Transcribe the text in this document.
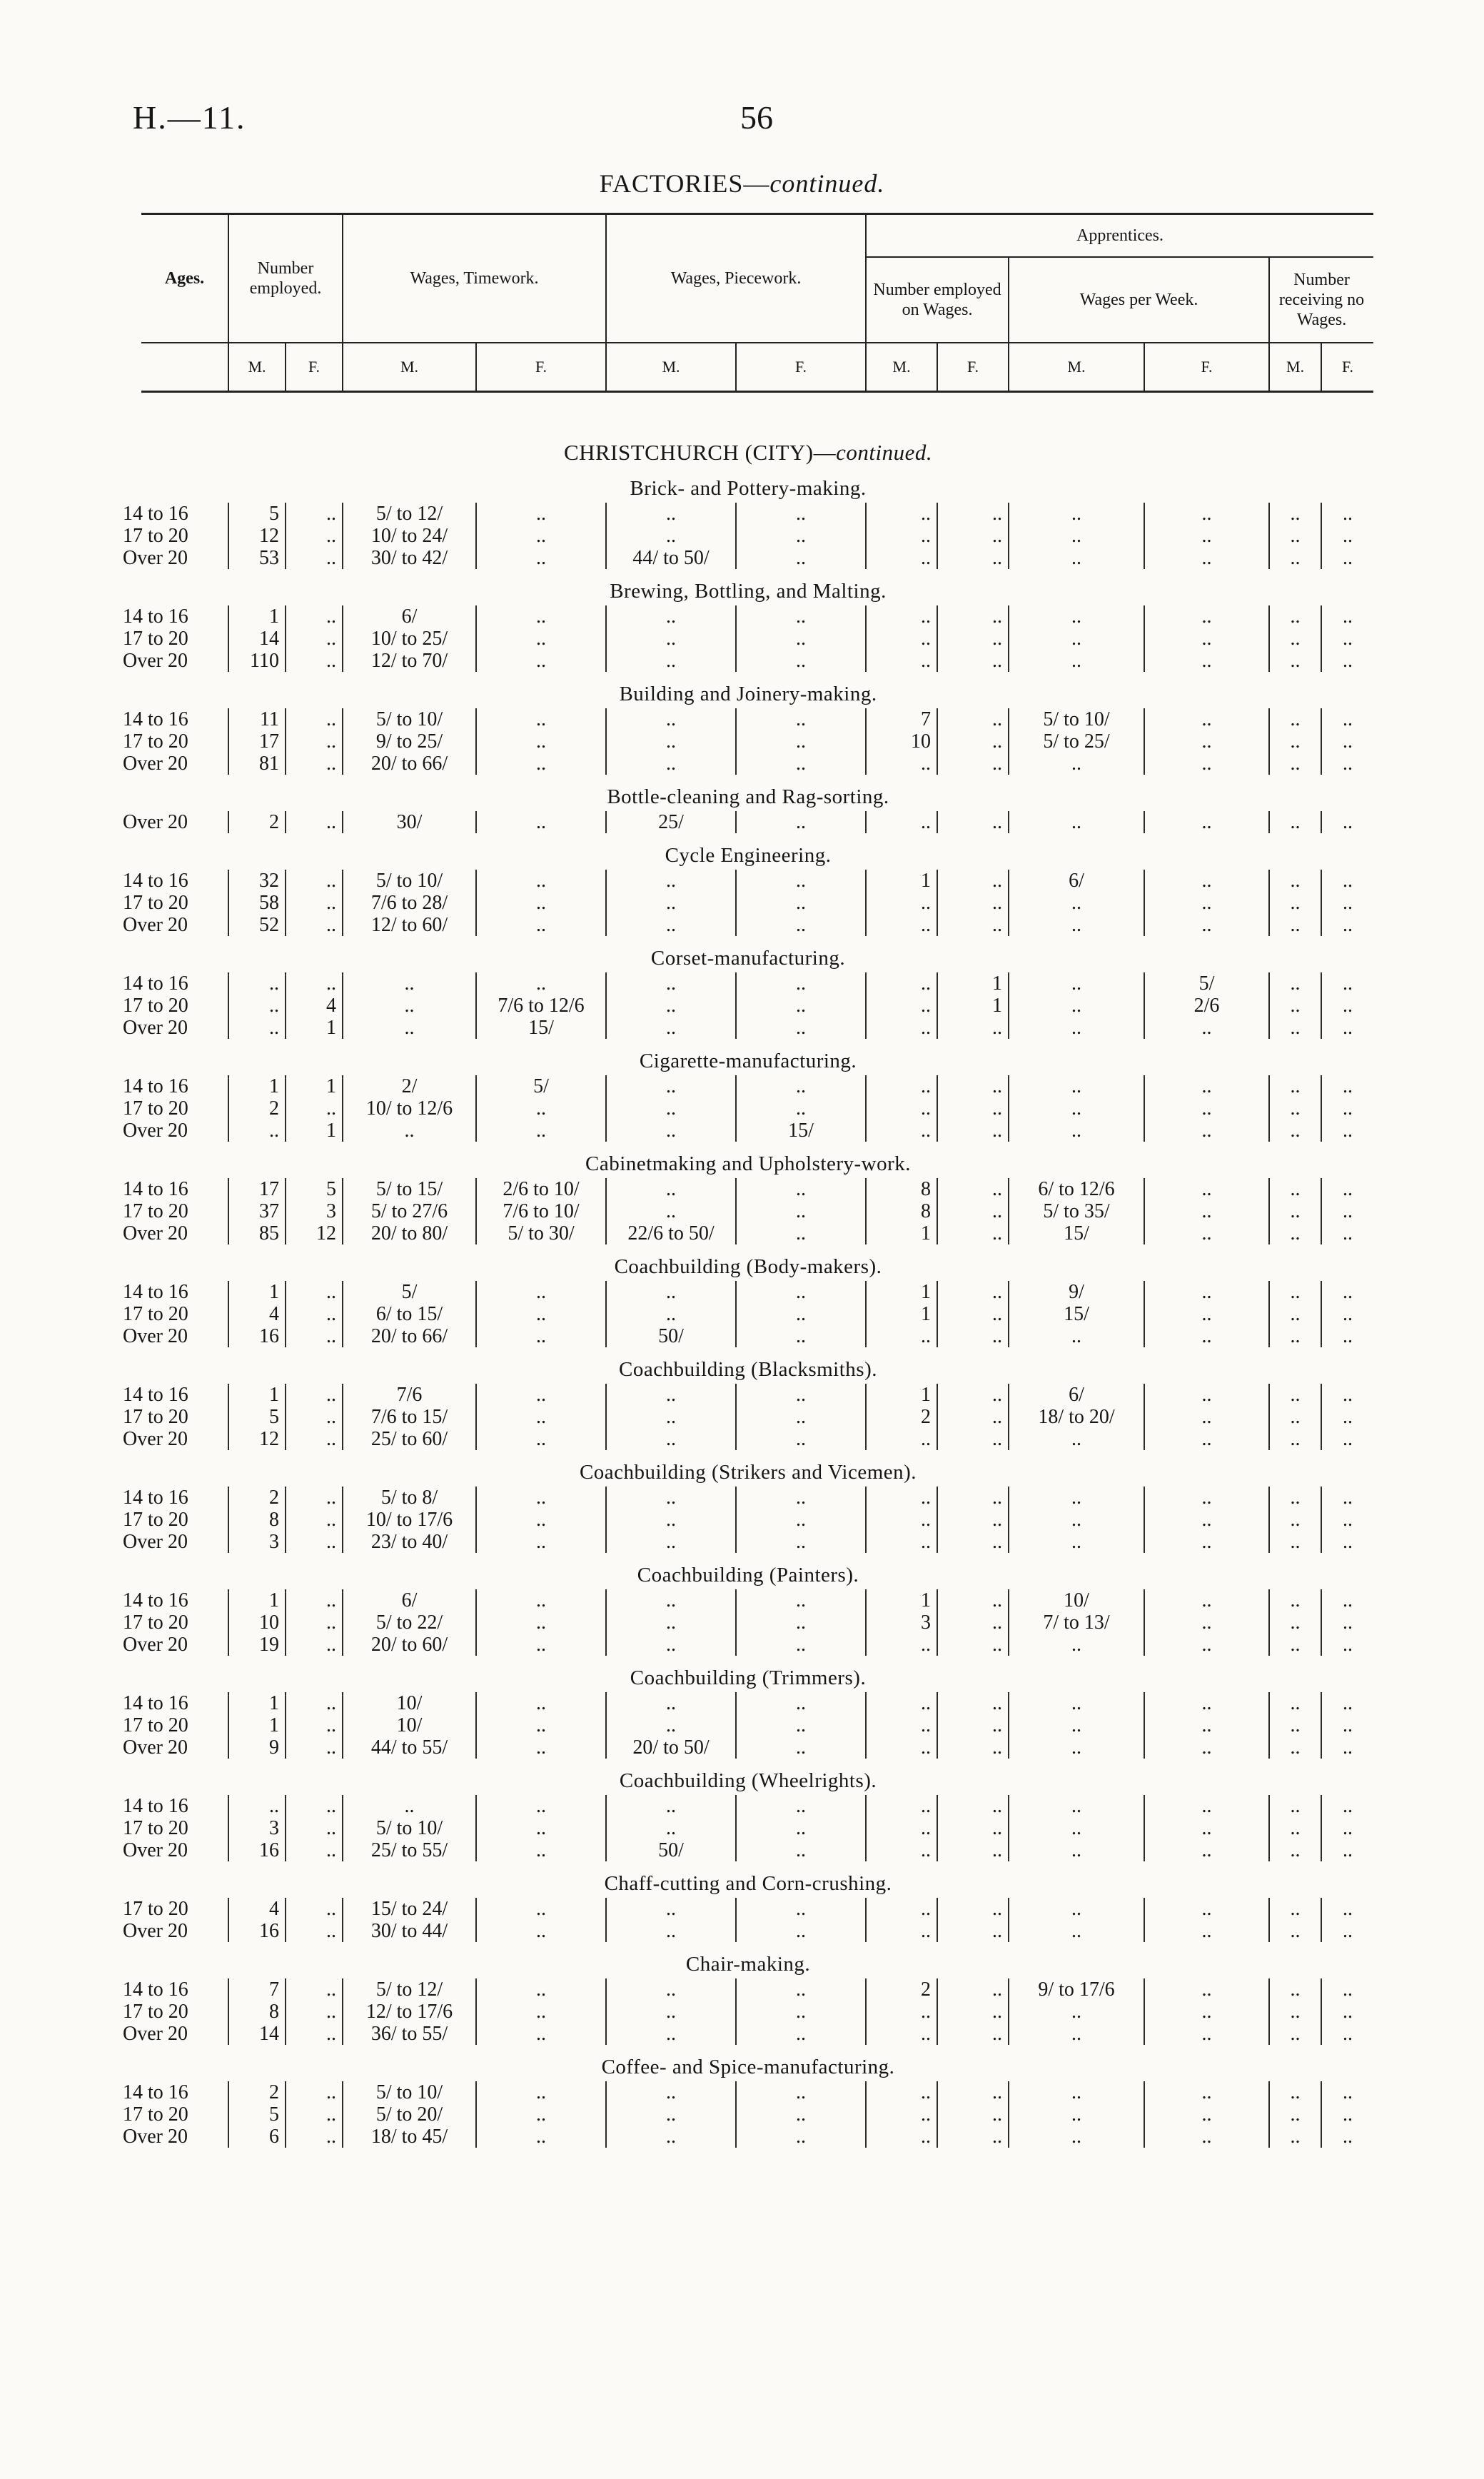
H.—11.	56
FACTORIES—continued.
Ages.	Number employed.		Wages, Timework.		Wages, Piecework.		Apprentices.					
							Number employed on Wages.		Wages per Week.		Number receiving no Wages.	
	M.	F.	M.	F.	M.	F.	M.	F.	M.	F.	M.	F.
CHRISTCHURCH (CITY)—continued.												
Brick- and Pottery-making.												
14 to 16	5	..	5/ to 12/	..	..	..	..	..	..	..	..	..
17 to 20	12	..	10/ to 24/	..	..	..	..	..	..	..	..	..
Over 20	53	..	30/ to 42/	..	44/ to 50/	..	..	..	..	..	..	..
Brewing, Bottling, and Malting.												
14 to 16	1	..	6/	..	..	..	..	..	..	..	..	..
17 to 20	14	..	10/ to 25/	..	..	..	..	..	..	..	..	..
Over 20	110	..	12/ to 70/	..	..	..	..	..	..	..	..	..
Building and Joinery-making.												
14 to 16	11	..	5/ to 10/	..	..	..	7	..	5/ to 10/	..	..	..
17 to 20	17	..	9/ to 25/	..	..	..	10	..	5/ to 25/	..	..	..
Over 20	81	..	20/ to 66/	..	..	..	..	..	..	..	..	..
Bottle-cleaning and Rag-sorting.												
Over 20	2	..	30/	..	25/	..	..	..	..	..	..	..
Cycle Engineering.												
14 to 16	32	..	5/ to 10/	..	..	..	1	..	6/	..	..	..
17 to 20	58	..	7/6 to 28/	..	..	..	..	..	..	..	..	..
Over 20	52	..	12/ to 60/	..	..	..	..	..	..	..	..	..
Corset-manufacturing.												
14 to 16	..	..	..	..	..	..	..	1	..	5/	..	..
17 to 20	..	4	..	7/6 to 12/6	..	..	..	1	..	2/6	..	..
Over 20	..	1	..	15/	..	..	..	..	..	..	..	..
Cigarette-manufacturing.												
14 to 16	1	1	2/	5/	..	..	..	..	..	..	..	..
17 to 20	2	..	10/ to 12/6	..	..	..	..	..	..	..	..	..
Over 20	..	1	..	..	..	15/	..	..	..	..	..	..
Cabinetmaking and Upholstery-work.												
14 to 16	17	5	5/ to 15/	2/6 to 10/	..	..	8	..	6/ to 12/6	..	..	..
17 to 20	37	3	5/ to 27/6	7/6 to 10/	..	..	8	..	5/ to 35/	..	..	..
Over 20	85	12	20/ to 80/	5/ to 30/	22/6 to 50/	..	1	..	15/	..	..	..
Coachbuilding (Body-makers).												
14 to 16	1	..	5/	..	..	..	1	..	9/	..	..	..
17 to 20	4	..	6/ to 15/	..	..	..	1	..	15/	..	..	..
Over 20	16	..	20/ to 66/	..	50/	..	..	..	..	..	..	..
Coachbuilding (Blacksmiths).												
14 to 16	1	..	7/6	..	..	..	1	..	6/	..	..	..
17 to 20	5	..	7/6 to 15/	..	..	..	2	..	18/ to 20/	..	..	..
Over 20	12	..	25/ to 60/	..	..	..	..	..	..	..	..	..
Coachbuilding (Strikers and Vicemen).												
14 to 16	2	..	5/ to 8/	..	..	..	..	..	..	..	..	..
17 to 20	8	..	10/ to 17/6	..	..	..	..	..	..	..	..	..
Over 20	3	..	23/ to 40/	..	..	..	..	..	..	..	..	..
Coachbuilding (Painters).												
14 to 16	1	..	6/	..	..	..	1	..	10/	..	..	..
17 to 20	10	..	5/ to 22/	..	..	..	3	..	7/ to 13/	..	..	..
Over 20	19	..	20/ to 60/	..	..	..	..	..	..	..	..	..
Coachbuilding (Trimmers).												
14 to 16	1	..	10/	..	..	..	..	..	..	..	..	..
17 to 20	1	..	10/	..	..	..	..	..	..	..	..	..
Over 20	9	..	44/ to 55/	..	20/ to 50/	..	..	..	..	..	..	..
Coachbuilding (Wheelrights).												
14 to 16	..	..	..	..	..	..	..	..	..	..	..	..
17 to 20	3	..	5/ to 10/	..	..	..	..	..	..	..	..	..
Over 20	16	..	25/ to 55/	..	50/	..	..	..	..	..	..	..
Chaff-cutting and Corn-crushing.												
17 to 20	4	..	15/ to 24/	..	..	..	..	..	..	..	..	..
Over 20	16	..	30/ to 44/	..	..	..	..	..	..	..	..	..
Chair-making.												
14 to 16	7	..	5/ to 12/	..	..	..	2	..	9/ to 17/6	..	..	..
17 to 20	8	..	12/ to 17/6	..	..	..	..	..	..	..	..	..
Over 20	14	..	36/ to 55/	..	..	..	..	..	..	..	..	..
Coffee- and Spice-manufacturing.												
14 to 16	2	..	5/ to 10/	..	..	..	..	..	..	..	..	..
17 to 20	5	..	5/ to 20/	..	..	..	..	..	..	..	..	..
Over 20	6	..	18/ to 45/	..	..	..	..	..	..	..	..	..
